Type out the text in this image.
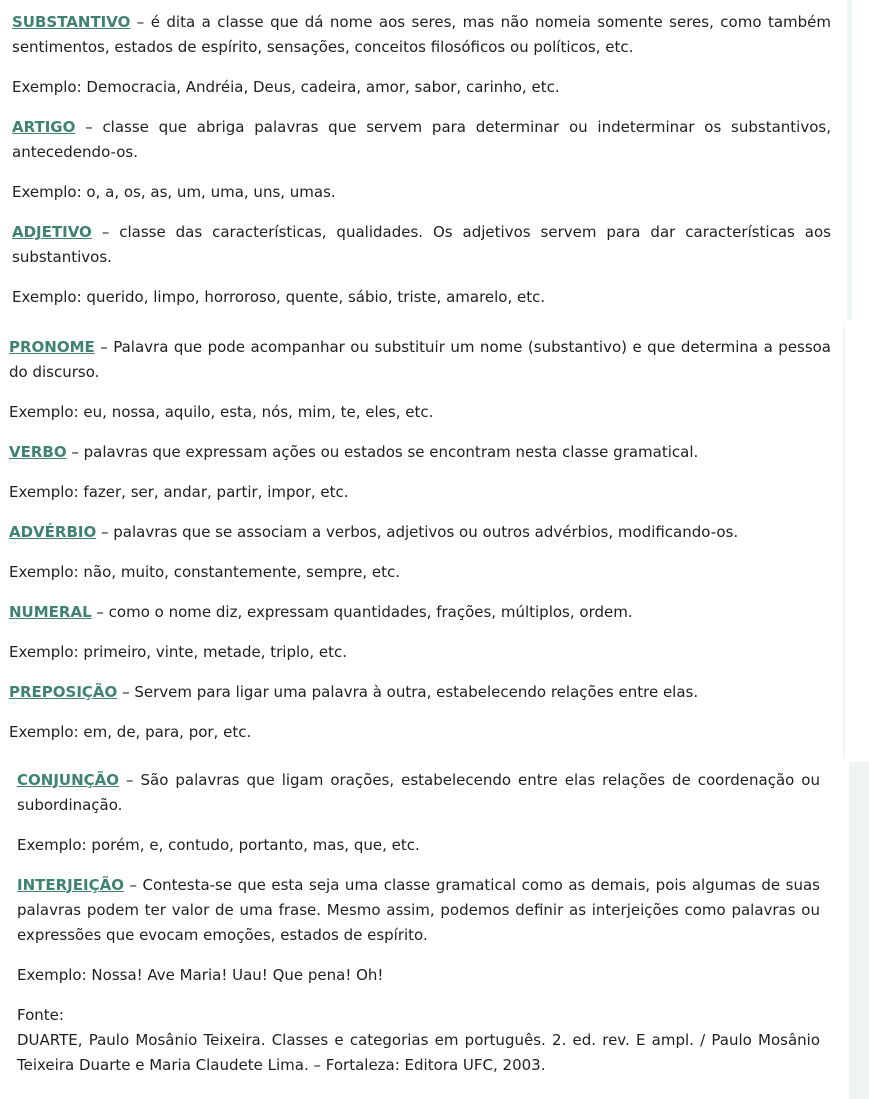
SUBSTANTIVO – é dita a classe que dá nome aos seres, mas não nomeia somente seres, como também sentimentos, estados de espírito, sensações, conceitos filosóficos ou políticos, etc.

Exemplo: Democracia, Andréia, Deus, cadeira, amor, sabor, carinho, etc.

ARTIGO – classe que abriga palavras que servem para determinar ou indeterminar os substantivos, antecedendo-os.

Exemplo: o, a, os, as, um, uma, uns, umas.

ADJETIVO – classe das características, qualidades. Os adjetivos servem para dar características aos substantivos.

Exemplo: querido, limpo, horroroso, quente, sábio, triste, amarelo, etc.

PRONOME – Palavra que pode acompanhar ou substituir um nome (substantivo) e que determina a pessoa do discurso.

Exemplo: eu, nossa, aquilo, esta, nós, mim, te, eles, etc.

VERBO – palavras que expressam ações ou estados se encontram nesta classe gramatical.

Exemplo: fazer, ser, andar, partir, impor, etc.

ADVÉRBIO – palavras que se associam a verbos, adjetivos ou outros advérbios, modificando-os.

Exemplo: não, muito, constantemente, sempre, etc.

NUMERAL – como o nome diz, expressam quantidades, frações, múltiplos, ordem.

Exemplo: primeiro, vinte, metade, triplo, etc.

PREPOSIÇÃO – Servem para ligar uma palavra à outra, estabelecendo relações entre elas.

Exemplo: em, de, para, por, etc.

CONJUNÇÃO – São palavras que ligam orações, estabelecendo entre elas relações de coordenação ou subordinação.

Exemplo: porém, e, contudo, portanto, mas, que, etc.

INTERJEIÇÃO – Contesta-se que esta seja uma classe gramatical como as demais, pois algumas de suas palavras podem ter valor de uma frase. Mesmo assim, podemos definir as interjeições como palavras ou expressões que evocam emoções, estados de espírito.

Exemplo: Nossa! Ave Maria! Uau! Que pena! Oh!

Fonte:

DUARTE, Paulo Mosânio Teixeira. Classes e categorias em português. 2. ed. rev. E ampl. / Paulo Mosânio Teixeira Duarte e Maria Claudete Lima. – Fortaleza: Editora UFC, 2003.
